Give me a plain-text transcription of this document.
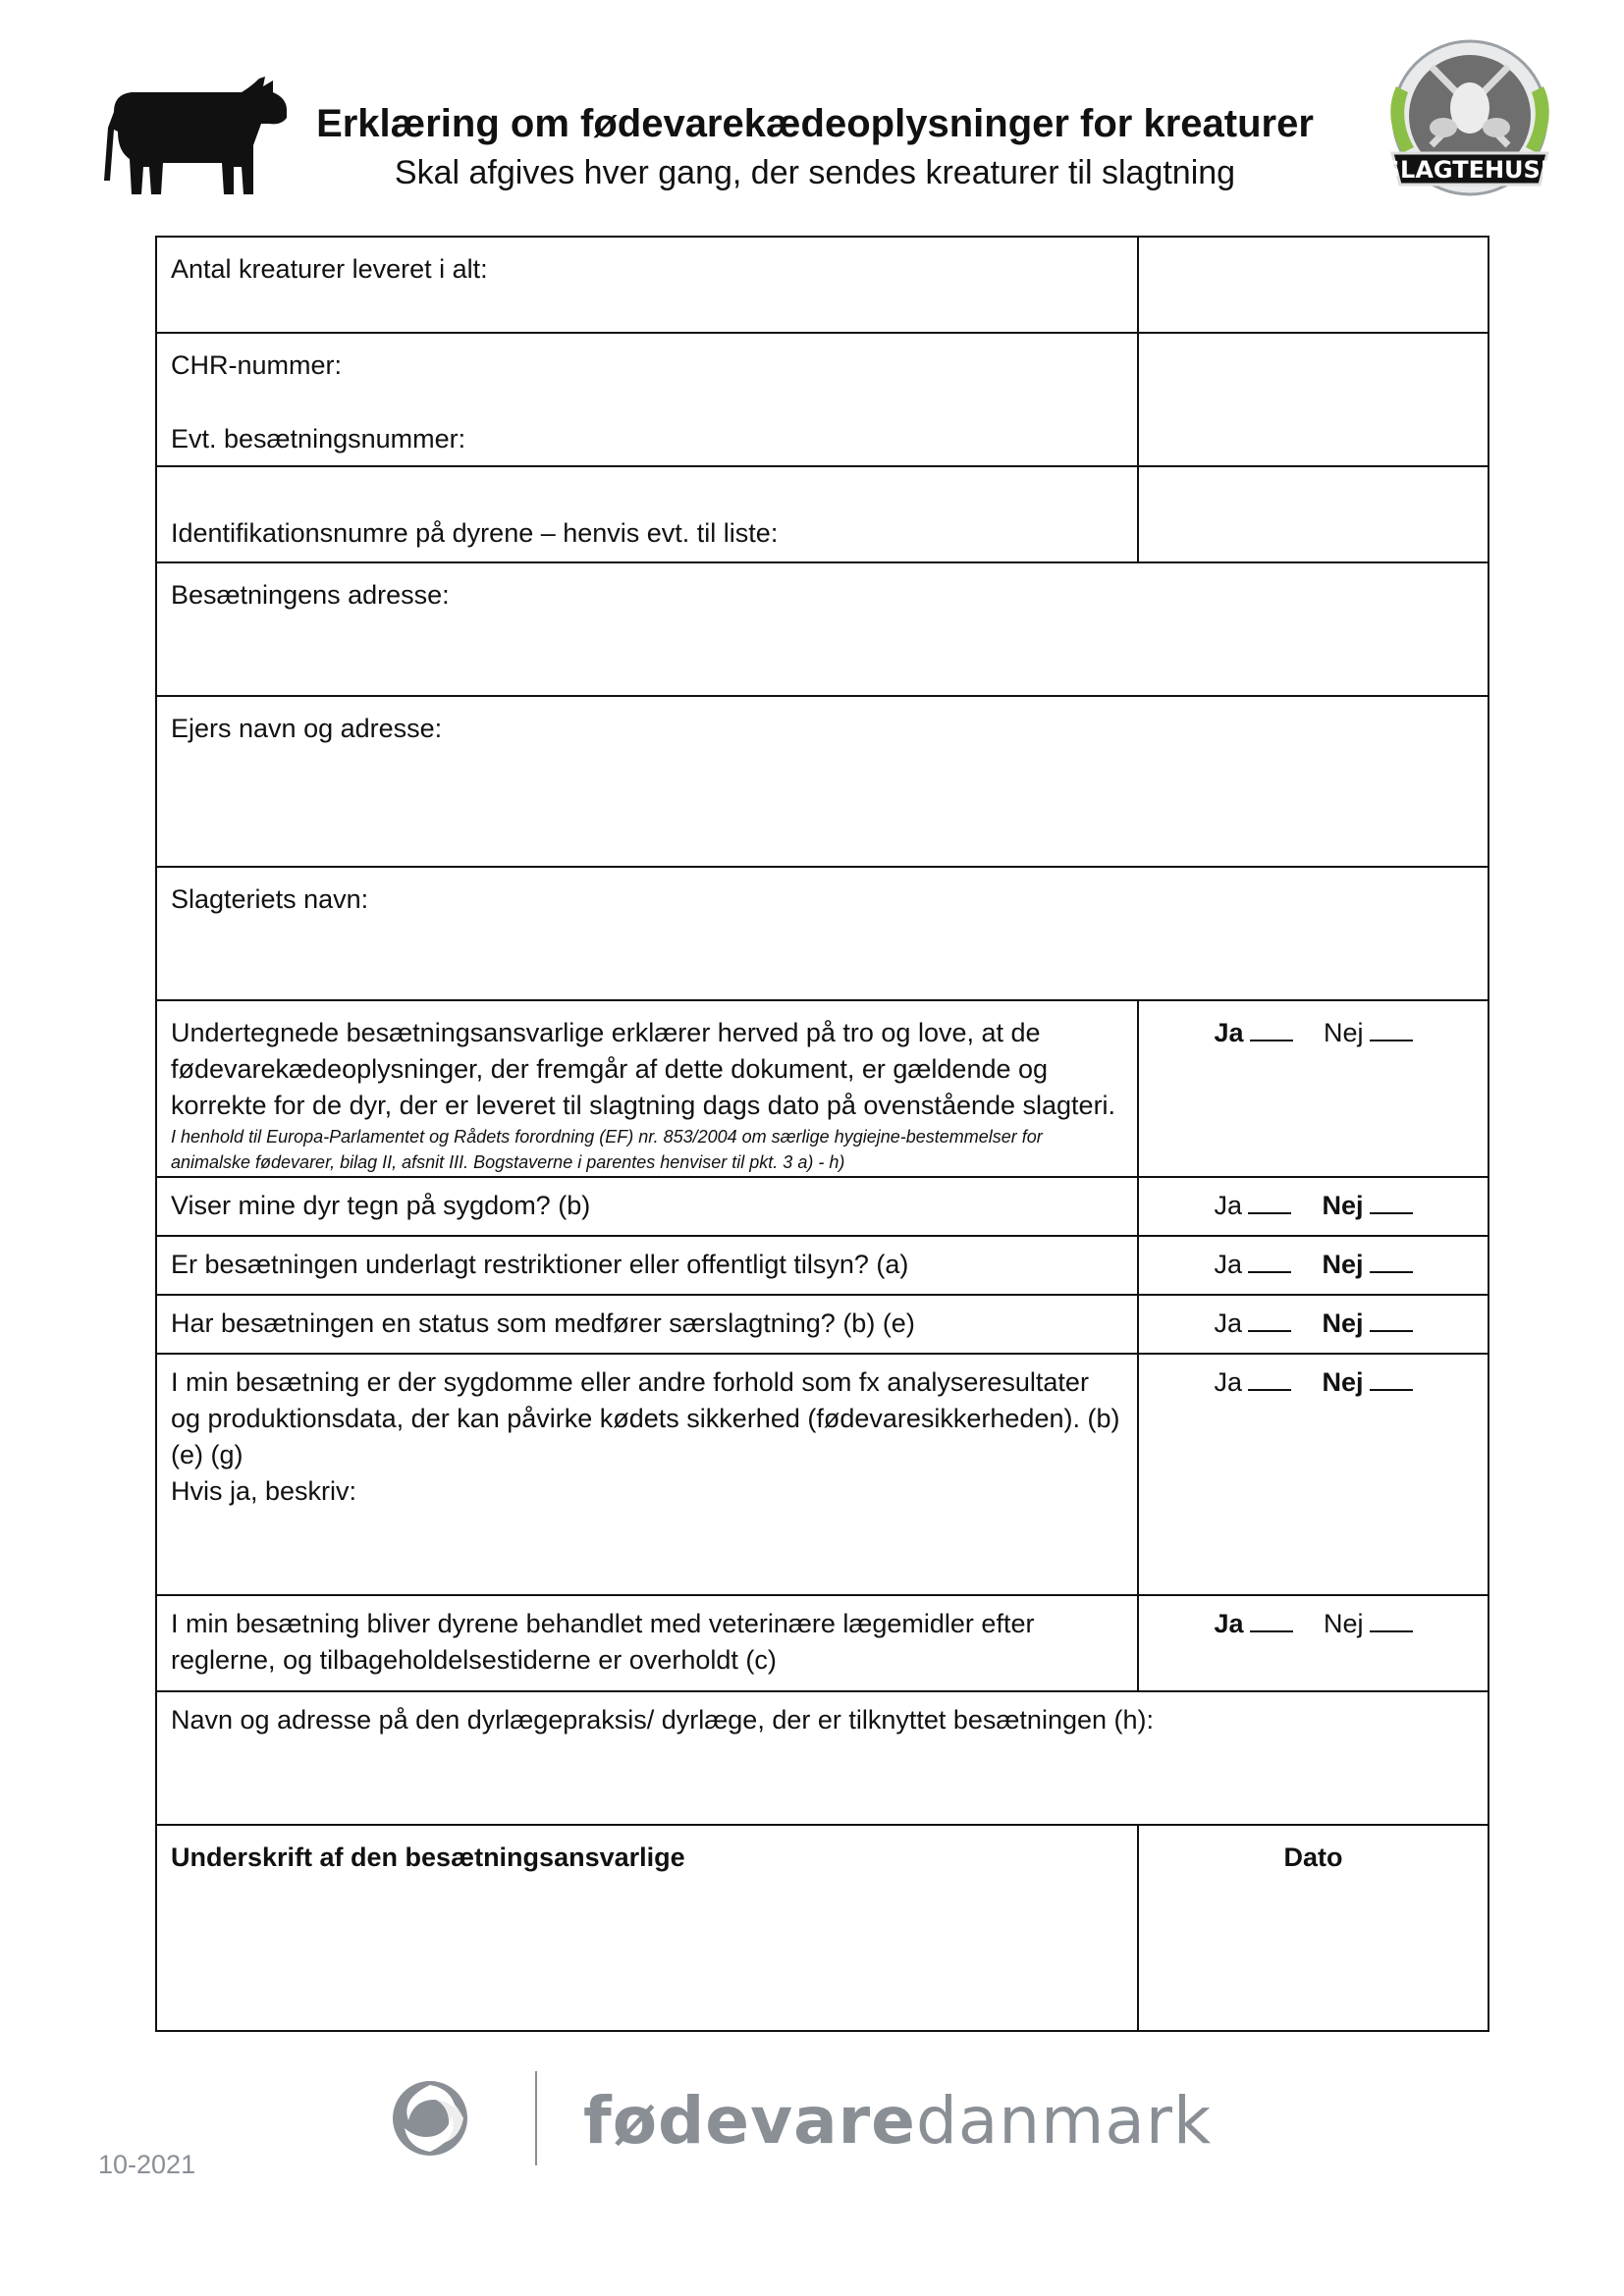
SLAGTEHUSE
Erklæring om fødevarekædeoplysninger for kreaturer
Skal afgives hver gang, der sendes kreaturer til slagtning
Antal kreaturer leveret i alt:	

CHR-nummer:
Evt. besætningsnummer:	

Identifikationsnumre på dyrene – henvis evt. til liste:	

Besætningens adresse:	

Ejers navn og adresse:	

Slagteriets navn:	

Undertegnede besætningsansvarlige erklærer herved på tro og love, at de fødevarekædeoplysninger, der fremgår af dette dokument, er gældende og korrekte for de dyr, der er leveret til slagtning dags dato på ovenstående slagteri.
I henhold til Europa-Parlamentet og Rådets forordning (EF) nr. 853/2004 om særlige hygiejne-bestemmelser for animalske fødevarer, bilag II, afsnit III. Bogstaverne i parentes henviser til pkt. 3 a) - h)	Ja Nej
Viser mine dyr tegn på sygdom? (b)	Ja Nej
Er besætningen underlagt restriktioner eller offentligt tilsyn? (a)	Ja Nej
Har besætningen en status som medfører særslagtning? (b) (e)	Ja Nej
I min besætning er der sygdomme eller andre forhold som fx analyseresultater og produktionsdata, der kan påvirke kødets sikkerhed (fødevaresikkerheden). (b) (e) (g)
Hvis ja, beskriv:	Ja Nej
I min besætning bliver dyrene behandlet med veterinære lægemidler efter reglerne, og tilbageholdelsestiderne er overholdt (c)	Ja Nej

Navn og adresse på den dyrlægepraksis/ dyrlæge, der er tilknyttet besætningen (h):	

Underskrift af den besætningsansvarlige	Dato
fødevaredanmark
10-2021
